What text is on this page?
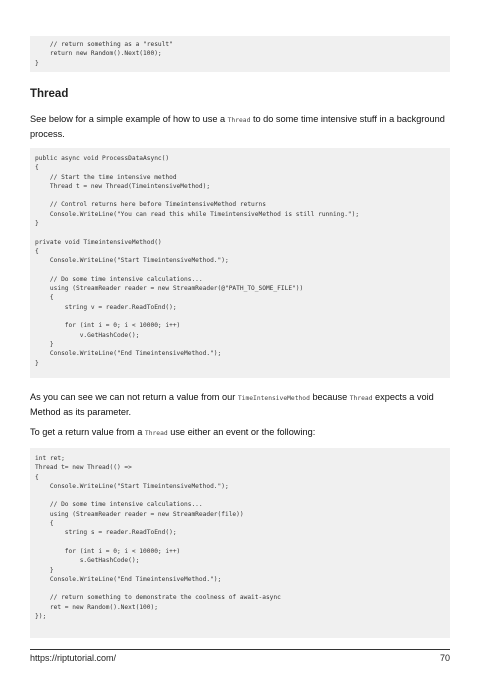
// return something as a "result"
return new Random().Next(100);
}
Thread
See below for a simple example of how to use a Thread to do some time intensive stuff in a background process.
public async void ProcessDataAsync()
{
// Start the time intensive method
Thread t = new Thread(TimeintensiveMethod);
// Control returns here before TimeintensiveMethod returns
Console.WriteLine("You can read this while TimeintensiveMethod is still running.");
}
private void TimeintensiveMethod()
{
Console.WriteLine("Start TimeintensiveMethod.");
// Do some time intensive calculations...
using (StreamReader reader = new StreamReader(@"PATH_TO_SOME_FILE"))
{
string v = reader.ReadToEnd();
for (int i = 0; i < 10000; i++)
v.GetHashCode();
}
Console.WriteLine("End TimeintensiveMethod.");
}
As you can see we can not return a value from our TimeIntensiveMethod because Thread expects a void Method as its parameter.
To get a return value from a Thread use either an event or the following:
int ret;
Thread t= new Thread(() =>
{
Console.WriteLine("Start TimeintensiveMethod.");
// Do some time intensive calculations...
using (StreamReader reader = new StreamReader(file))
{
string s = reader.ReadToEnd();
for (int i = 0; i < 10000; i++)
s.GetHashCode();
}
Console.WriteLine("End TimeintensiveMethod.");
// return something to demonstrate the coolness of await-async
ret = new Random().Next(100);
});
https://riptutorial.com/	70
